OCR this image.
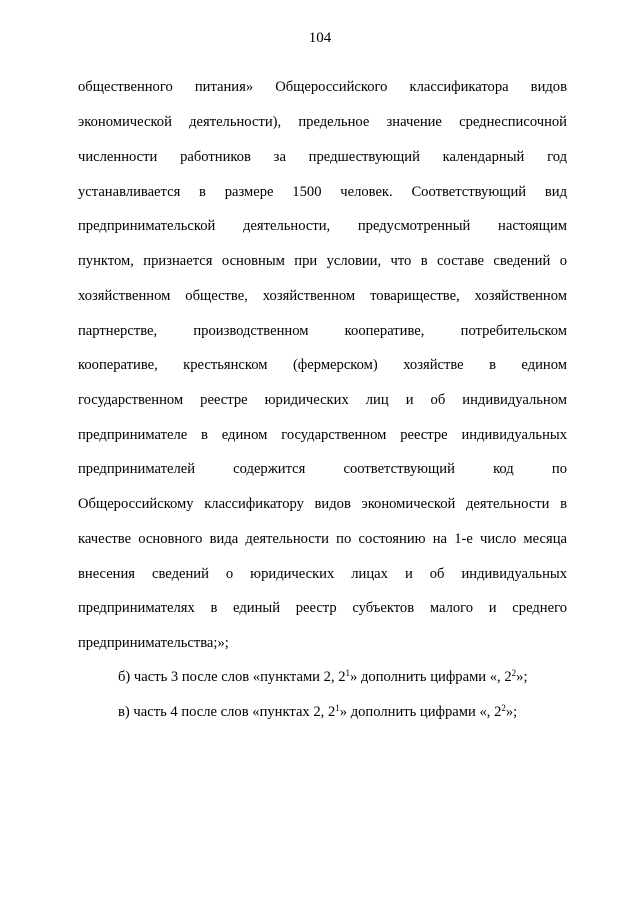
104
общественного питания» Общероссийского классификатора видов
экономической деятельности), предельное значение среднесписочной
численности работников за предшествующий календарный год
устанавливается в размере 1500 человек. Соответствующий вид
предпринимательской деятельности, предусмотренный настоящим
пунктом, признается основным при условии, что в составе сведений о
хозяйственном обществе, хозяйственном товариществе, хозяйственном
партнерстве, производственном кооперативе, потребительском
кооперативе, крестьянском (фермерском) хозяйстве в едином
государственном реестре юридических лиц и об индивидуальном
предпринимателе в едином государственном реестре индивидуальных
предпринимателей содержится соответствующий код по
Общероссийскому классификатору видов экономической деятельности в
качестве основного вида деятельности по состоянию на 1-е число месяца
внесения сведений о юридических лицах и об индивидуальных
предпринимателях в единый реестр субъектов малого и среднего
предпринимательства;»;
б) часть 3 после слов «пунктами 2, $2^1$» дополнить цифрами «, $2^2$»;
в) часть 4 после слов «пунктах 2, $2^1$» дополнить цифрами «, $2^2$»;
